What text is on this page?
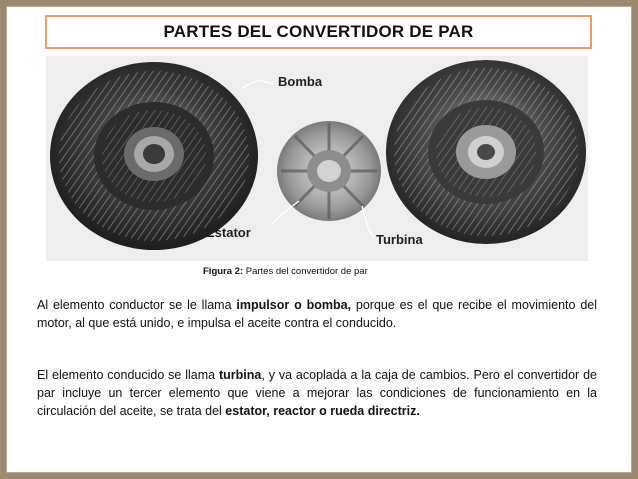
PARTES DEL CONVERTIDOR DE PAR
Bomba
Estator	Turbina
Figura 2: Partes del convertidor de par
Al elemento conductor se le llama impulsor o bomba, porque es el que recibe el movimiento del motor, al que está unido, e impulsa el aceite contra el conducido.
El elemento conducido se llama turbina, y va acoplada a la caja de cambios. Pero el convertidor de par incluye un tercer elemento que viene a mejorar las condiciones de funcionamiento en la circulación del aceite, se trata del estator, reactor o rueda directriz.
